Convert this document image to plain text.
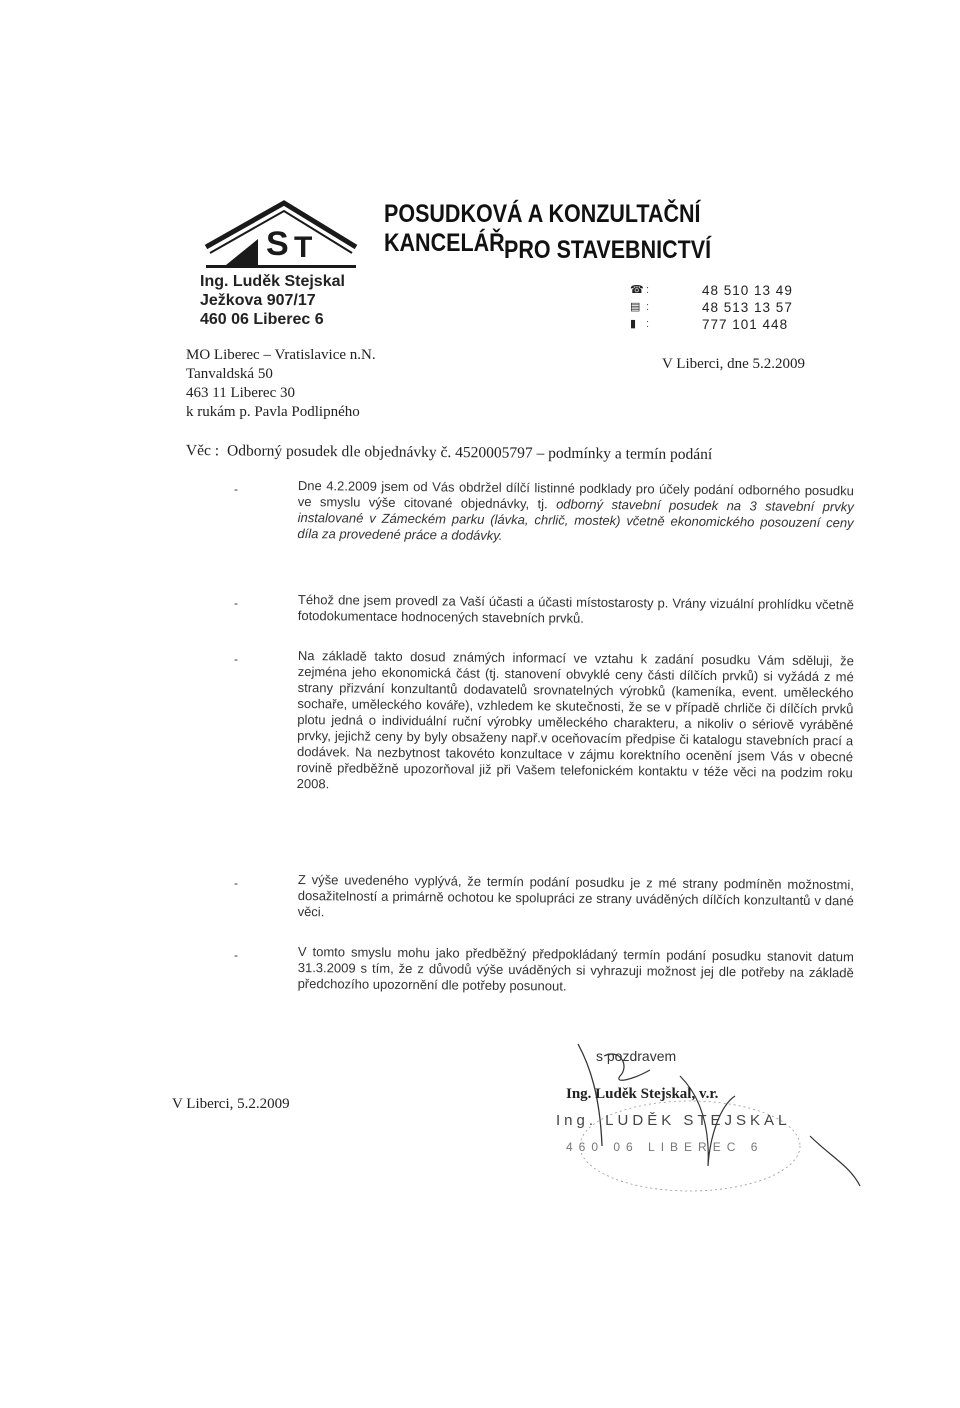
S T
POSUDKOVÁ A KONZULTAČNÍ KANCELÁŘ PRO STAVEBNICTVÍ
Ing. Luděk Stejskal
Ježkova 907/17
460 06 Liberec 6
☎ :	48 510 13 49
▤ :	48 513 13 57
▮ :	777 101 448
MO Liberec – Vratislavice n.N.
Tanvaldská 50
463 11 Liberec 30
k rukám p. Pavla Podlipného
V Liberci, dne 5.2.2009
Věc : Odborný posudek dle objednávky č. 4520005797 – podmínky a termín podání
-	Dne 4.2.2009 jsem od Vás obdržel dílčí listinné podklady pro účely podání odborného posudku ve smyslu výše citované objednávky, tj. odborný stavební posudek na 3 stavební prvky instalované v Zámeckém parku (lávka, chrlič, mostek) včetně ekonomického posouzení ceny díla za provedené práce a dodávky.
-	Téhož dne jsem provedl za Vaší účasti a účasti místostarosty p. Vrány vizuální prohlídku včetně fotodokumentace hodnocených stavebních prvků.
-	Na základě takto dosud známých informací ve vztahu k zadání posudku Vám sděluji, že zejména jeho ekonomická část (tj. stanovení obvyklé ceny části dílčích prvků) si vyžádá z mé strany přizvání konzultantů dodavatelů srovnatelných výrobků (kameníka, event. uměleckého sochaře, uměleckého kováře), vzhledem ke skutečnosti, že se v případě chrliče či dílčích prvků plotu jedná o individuální ruční výrobky uměleckého charakteru, a nikoliv o sériově vyráběné prvky, jejichž ceny by byly obsaženy např.v oceňovacím předpise či katalogu stavebních prací a dodávek. Na nezbytnost takovéto konzultace v zájmu korektního ocenění jsem Vás v obecné rovině předběžně upozorňoval již při Vašem telefonickém kontaktu v téže věci na podzim roku 2008.
-	Z výše uvedeného vyplývá, že termín podání posudku je z mé strany podmíněn možnostmi, dosažitelností a primárně ochotou ke spolupráci ze strany uváděných dílčích konzultantů v dané věci.
-	V tomto smyslu mohu jako předběžný předpokládaný termín podání posudku stanovit datum 31.3.2009 s tím, že z důvodů výše uváděných si vyhrazuji možnost jej dle potřeby na základě předchozího upozornění dle potřeby posunout.
V Liberci, 5.2.2009
s pozdravem
Ing. Luděk Stejskal, v.r.
Ing. LUDĚK STEJSKAL
460 06 LIBEREC 6
